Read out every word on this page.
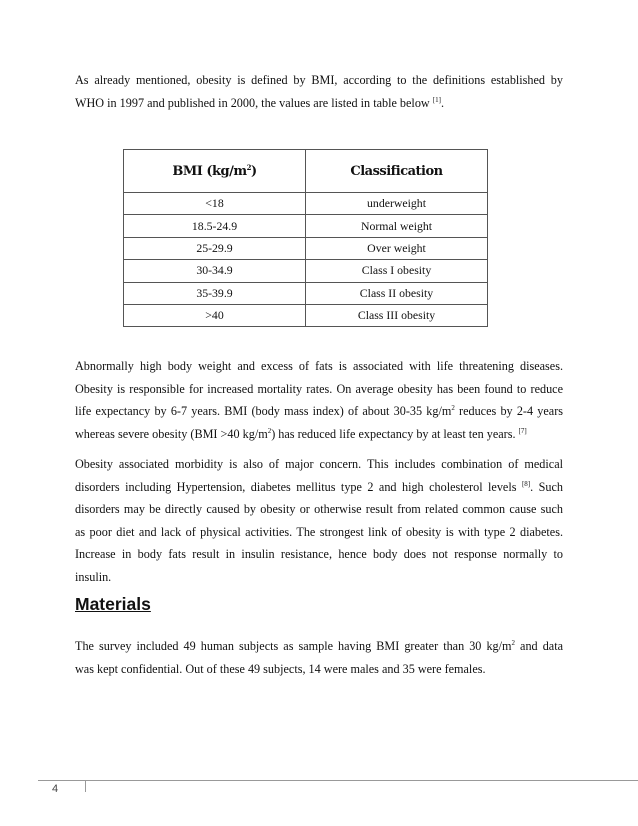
As already mentioned, obesity is defined by BMI, according to the definitions established by
WHO in 1997 and published in 2000, the values are listed in table below [1].

BMI $(kg/m^2)$	Classification
<18	underweight
18.5-24.9	Normal weight
25-29.9	Over weight
30-34.9	Class I obesity
35-39.9	Class II obesity
>40	Class III obesity

Abnormally high body weight and excess of fats is associated with life threatening diseases.
Obesity is responsible for increased mortality rates. On average obesity has been found to reduce
life expectancy by 6-7 years. BMI (body mass index) of about 30-35 $kg/m^2$ reduces by 2-4 years
whereas severe obesity (BMI >40 $kg/m^2$) has reduced life expectancy by at least ten years. [7]

Obesity associated morbidity is also of major concern. This includes combination of medical
disorders including Hypertension, diabetes mellitus type 2 and high cholesterol levels [8]. Such
disorders may be directly caused by obesity or otherwise result from related common cause such
as poor diet and lack of physical activities. The strongest link of obesity is with type 2 diabetes.
Increase in body fats result in insulin resistance, hence body does not response normally to
insulin.

Materials

The survey included 49 human subjects as sample having BMI greater than 30 $kg/m^2$ and data
was kept confidential. Out of these 49 subjects, 14 were males and 35 were females.

4
